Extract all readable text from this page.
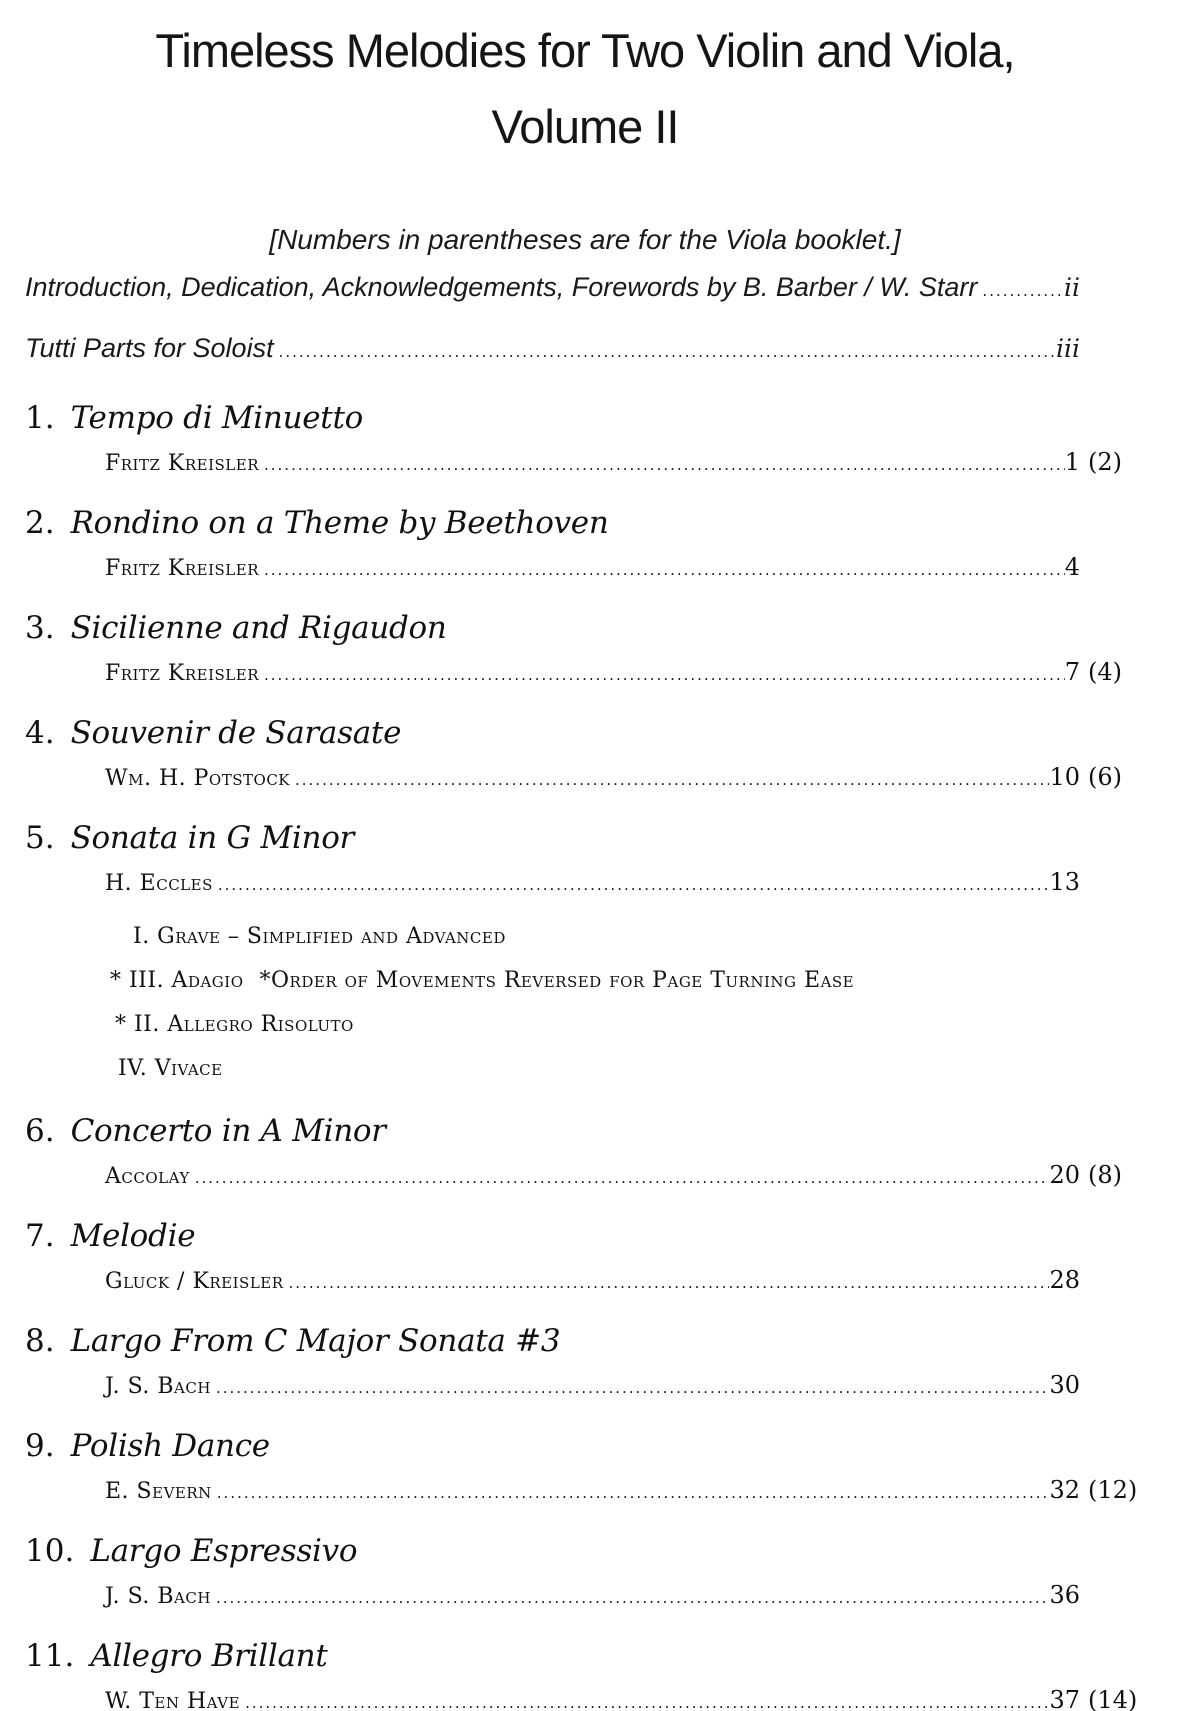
Timeless Melodies for Two Violin and Viola,
Volume II
[Numbers in parentheses are for the Viola booklet.]
Introduction, Dedication, Acknowledgements, Forewords by B. Barber / W. Starr .....	ii
Tutti Parts for Soloist .....	iii
1. Tempo di Minuetto
Fritz Kreisler .....	1 (2)
2. Rondino on a Theme by Beethoven
Fritz Kreisler .....	4
3. Sicilienne and Rigaudon
Fritz Kreisler .....	7 (4)
4. Souvenir de Sarasate
Wm. H. Potstock .....	10 (6)
5. Sonata in G Minor
H. Eccles .....	13
I. Grave – Simplified and Advanced
* III. Adagio *Order of Movements Reversed for Page Turning Ease
* II. Allegro Risoluto
IV. Vivace
6. Concerto in A Minor
Accolay .....	20 (8)
7. Melodie
Gluck / Kreisler .....	28
8. Largo From C Major Sonata #3
J. S. Bach .....	30
9. Polish Dance
E. Severn .....	32 (12)
10. Largo Espressivo
J. S. Bach .....	36
11. Allegro Brillant
W. Ten Have .....	37 (14)
